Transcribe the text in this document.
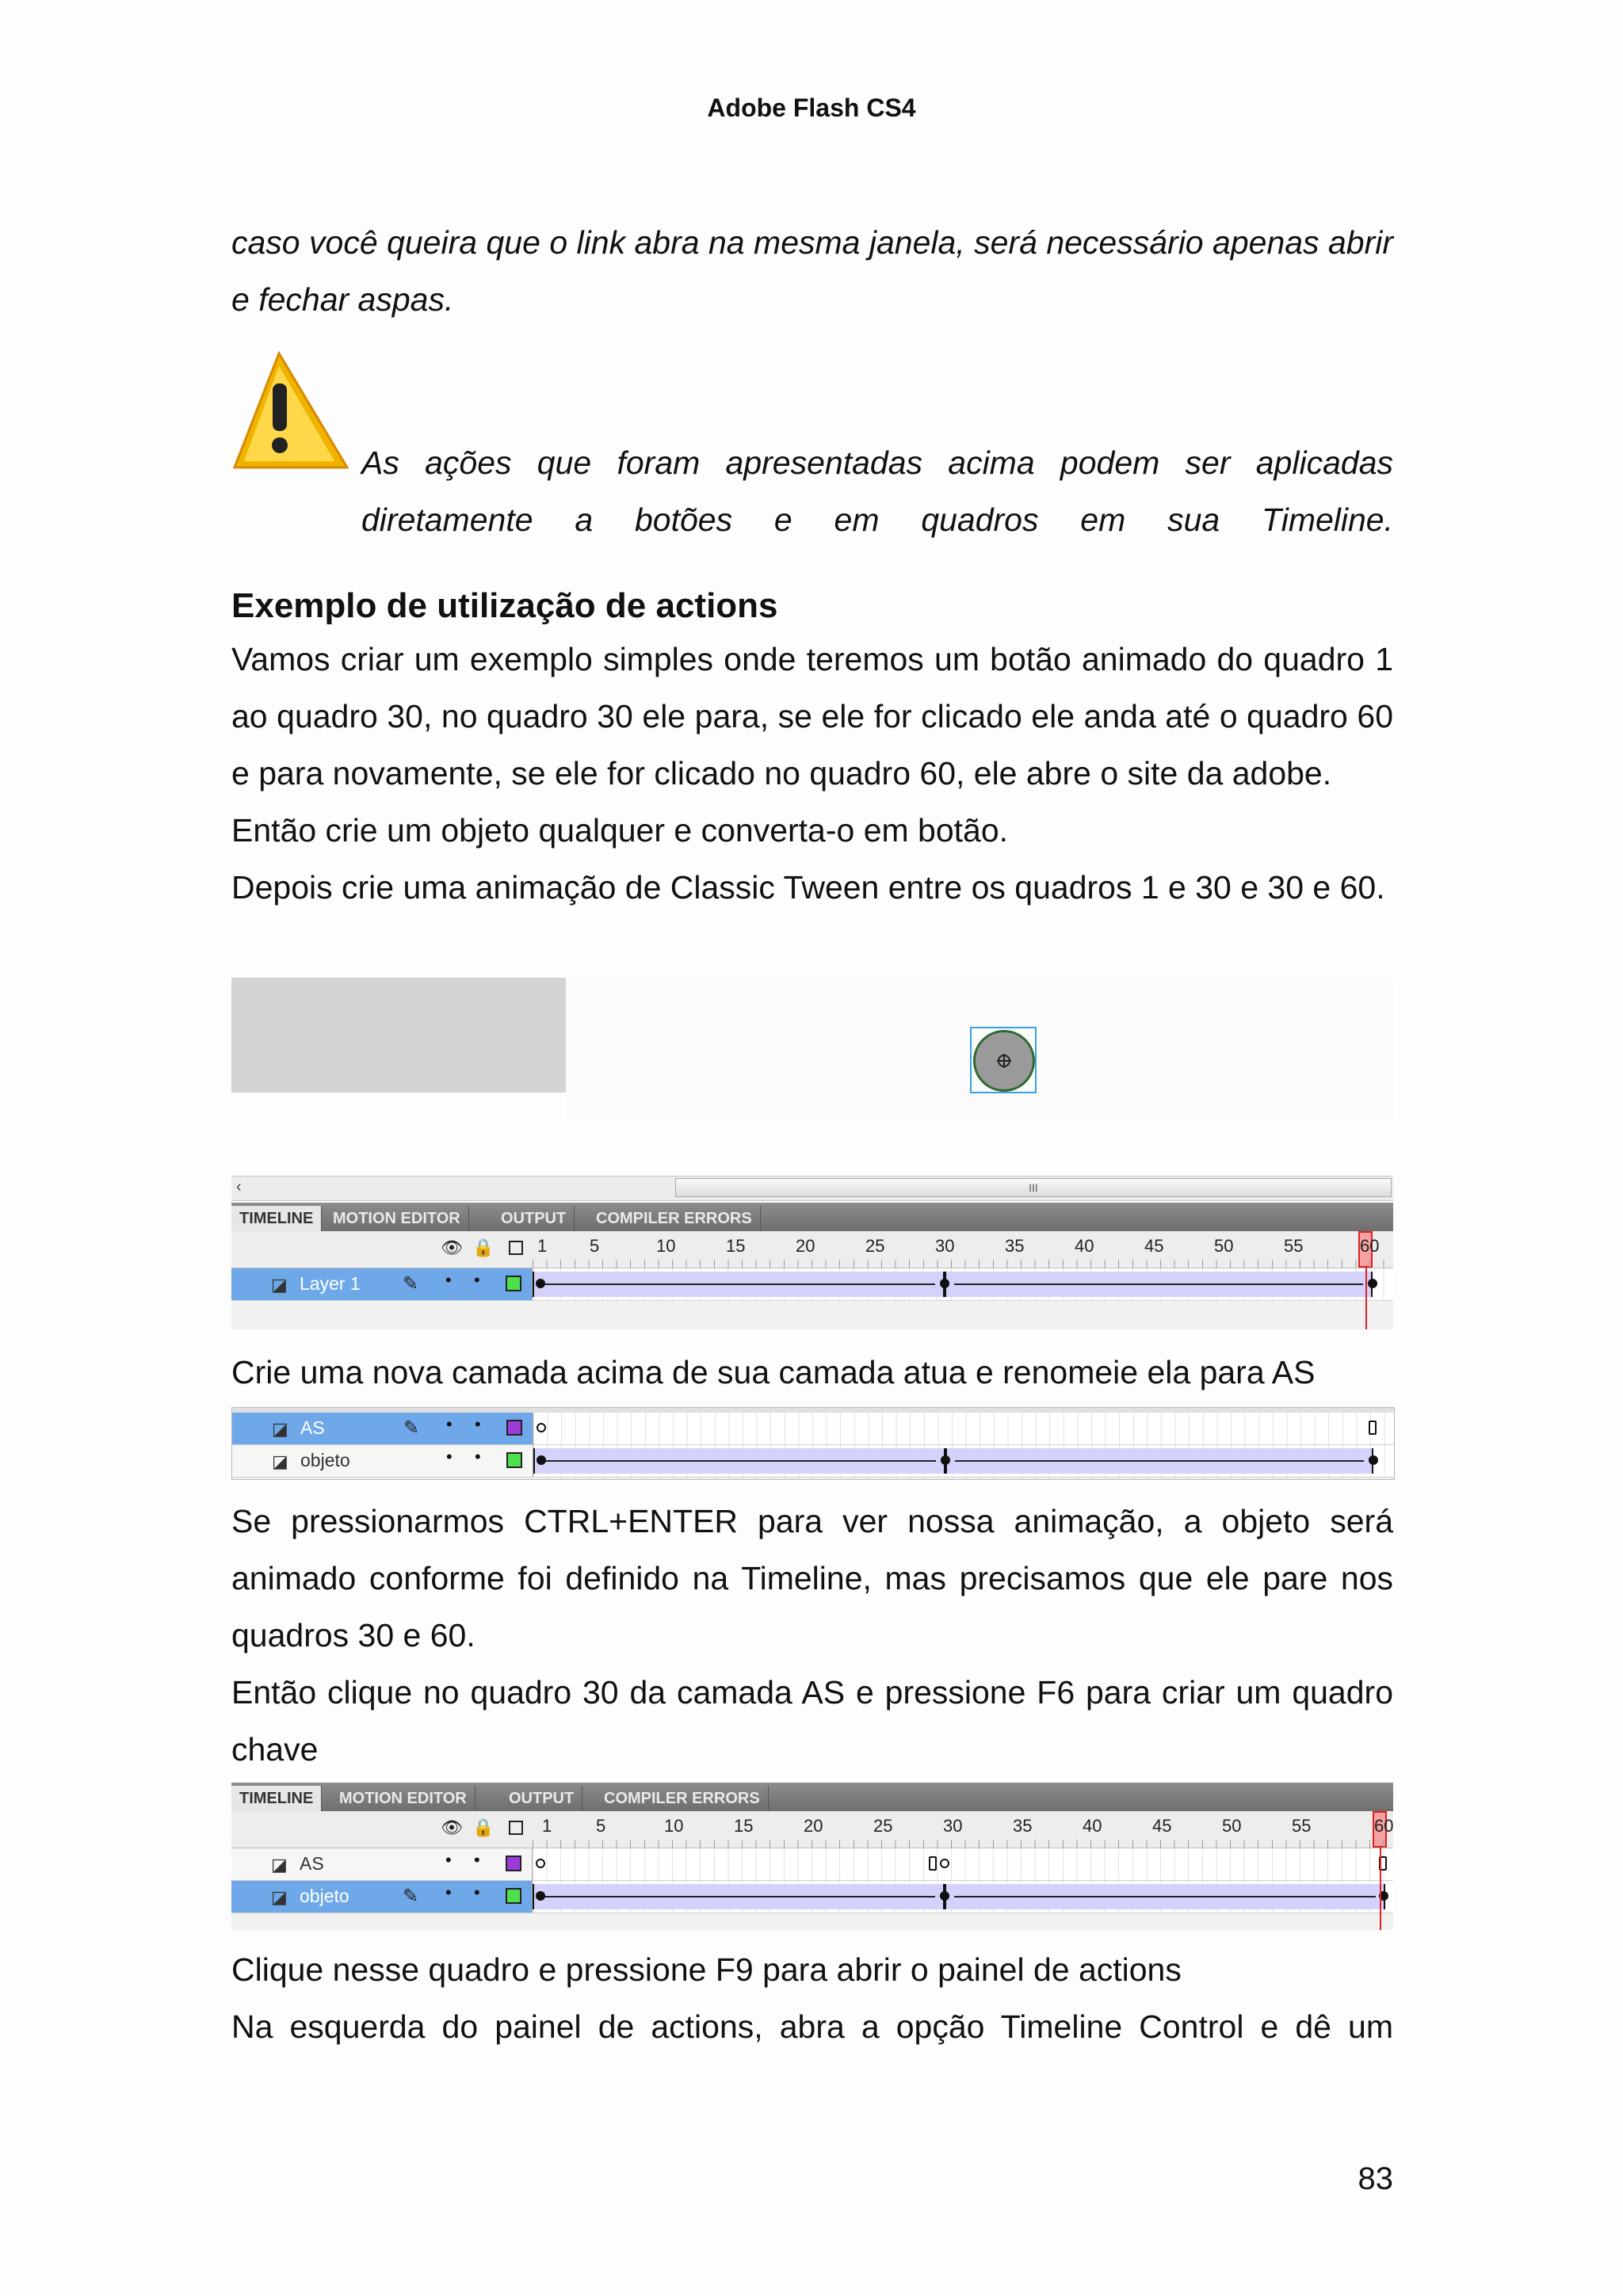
Adobe Flash CS4
caso você queira que o link abra na mesma janela, será necessário apenas abrir e fechar aspas.
As ações que foram apresentadas acima podem ser aplicadas diretamente a botões e em quadros em sua Timeline.
Exemplo de utilização de actions
Vamos criar um exemplo simples onde teremos um botão animado do quadro 1 ao quadro 30, no quadro 30 ele para, se ele for clicado ele anda até o quadro 60 e para novamente, se ele for clicado no quadro 60, ele abre o site da adobe.
Então crie um objeto qualquer e converta-o em botão.
Depois crie uma animação de Classic Tween entre os quadros 1 e 30 e 30 e 60.
‹	III
TIMELINE	MOTION EDITOR	OUTPUT	COMPILER ERRORS
👁 🔒 1 5	10	15	20	25	30	35	40	45	50	55	60
◪ Layer 1 ✎ • •
Crie uma nova camada acima de sua camada atua e renomeie ela para AS
◪ AS	✎ • •
◪ objeto	• •
Se pressionarmos CTRL+ENTER para ver nossa animação, a objeto será animado conforme foi definido na Timeline, mas precisamos que ele pare nos quadros 30 e 60.
Então clique no quadro 30 da camada AS e pressione F6 para criar um quadro chave
TIMELINE	MOTION EDITOR	OUTPUT	COMPILER ERRORS
👁 🔒	1	5	10	15	20	25	30	35	40	45	50	55	60
◪ AS	• •
◪ objeto	✎ • •
Clique nesse quadro e pressione F9 para abrir o painel de actions
Na esquerda do painel de actions, abra a opção Timeline Control e dê um
83
